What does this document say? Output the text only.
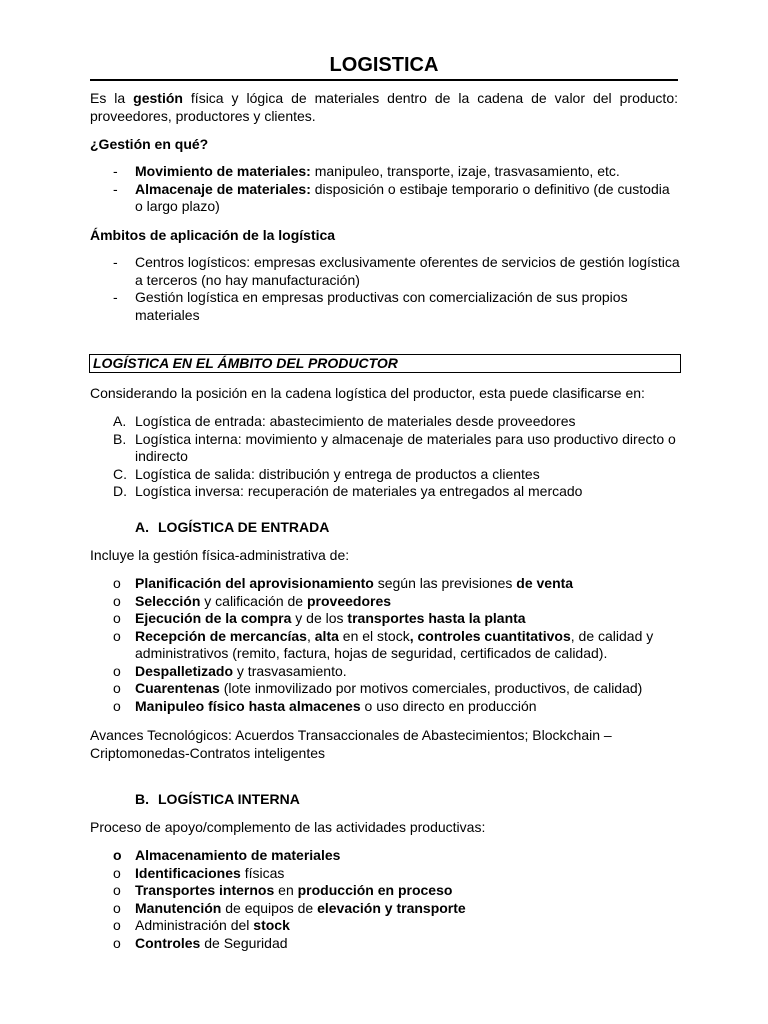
LOGISTICA
Es la gestión física y lógica de materiales dentro de la cadena de valor del producto: proveedores, productores y clientes.
¿Gestión en qué?
- Movimiento de materiales: manipuleo, transporte, izaje, trasvasamiento, etc.
- Almacenaje de materiales: disposición o estibaje temporario o definitivo (de custodia o largo plazo)
Ámbitos de aplicación de la logística
- Centros logísticos: empresas exclusivamente oferentes de servicios de gestión logística a terceros (no hay manufacturación)
- Gestión logística en empresas productivas con comercialización de sus propios materiales
LOGÍSTICA EN EL ÁMBITO DEL PRODUCTOR
Considerando la posición en la cadena logística del productor, esta puede clasificarse en:
A. Logística de entrada: abastecimiento de materiales desde proveedores
B. Logística interna: movimiento y almacenaje de materiales para uso productivo directo o indirecto
C. Logística de salida: distribución y entrega de productos a clientes
D. Logística inversa: recuperación de materiales ya entregados al mercado
A. LOGÍSTICA DE ENTRADA
Incluye la gestión física-administrativa de:
o Planificación del aprovisionamiento según las previsiones de venta
o Selección y calificación de proveedores
o Ejecución de la compra y de los transportes hasta la planta
o Recepción de mercancías, alta en el stock, controles cuantitativos, de calidad y administrativos (remito, factura, hojas de seguridad, certificados de calidad).
o Despalletizado y trasvasamiento.
o Cuarentenas (lote inmovilizado por motivos comerciales, productivos, de calidad)
o Manipuleo físico hasta almacenes o uso directo en producción
Avances Tecnológicos: Acuerdos Transaccionales de Abastecimientos; Blockchain – Criptomonedas-Contratos inteligentes
B. LOGÍSTICA INTERNA
Proceso de apoyo/complemento de las actividades productivas:
o Almacenamiento de materiales
o Identificaciones físicas
o Transportes internos en producción en proceso
o Manutención de equipos de elevación y transporte
o Administración del stock
o Controles de Seguridad
